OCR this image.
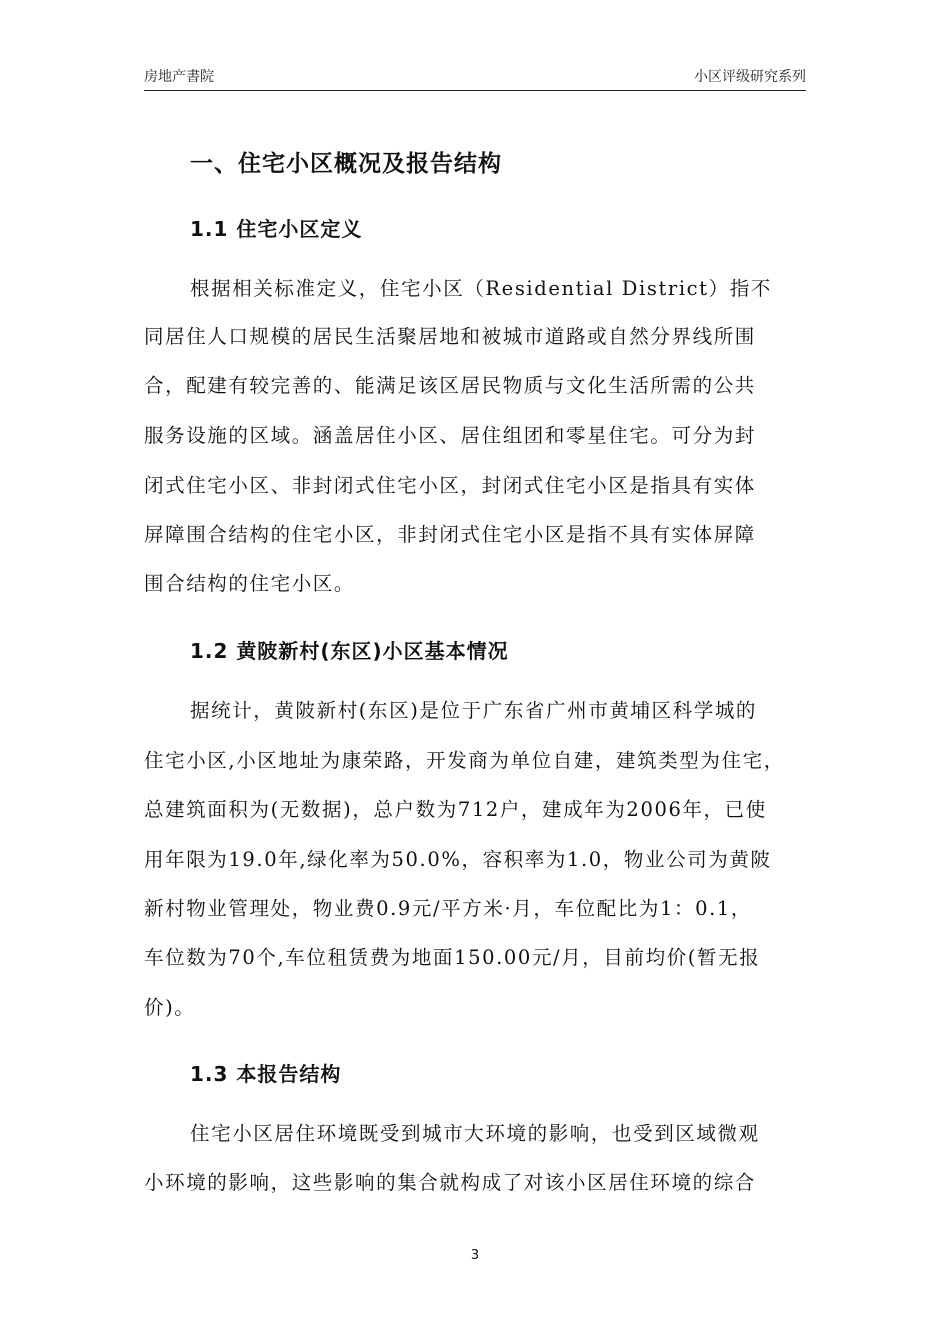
房地产書院	小区评级研究系列
一、住宅小区概况及报告结构
1.1 住宅小区定义
根据相关标准定义，住宅小区（Residential District）指不
同居住人口规模的居民生活聚居地和被城市道路或自然分界线所围
合，配建有较完善的、能满足该区居民物质与文化生活所需的公共
服务设施的区域。涵盖居住小区、居住组团和零星住宅。可分为封
闭式住宅小区、非封闭式住宅小区，封闭式住宅小区是指具有实体
屏障围合结构的住宅小区，非封闭式住宅小区是指不具有实体屏障
围合结构的住宅小区。
1.2 黄陂新村(东区)小区基本情况
据统计，黄陂新村(东区)是位于广东省广州市黄埔区科学城的
住宅小区,小区地址为康荣路，开发商为单位自建，建筑类型为住宅，
总建筑面积为(无数据)，总户数为712户，建成年为2006年，已使
用年限为19.0年,绿化率为50.0%，容积率为1.0，物业公司为黄陂
新村物业管理处，物业费0.9元/平方米·月，车位配比为1：0.1，
车位数为70个,车位租赁费为地面150.00元/月，目前均价(暂无报
价)。
1.3 本报告结构
住宅小区居住环境既受到城市大环境的影响，也受到区域微观
小环境的影响，这些影响的集合就构成了对该小区居住环境的综合
3
